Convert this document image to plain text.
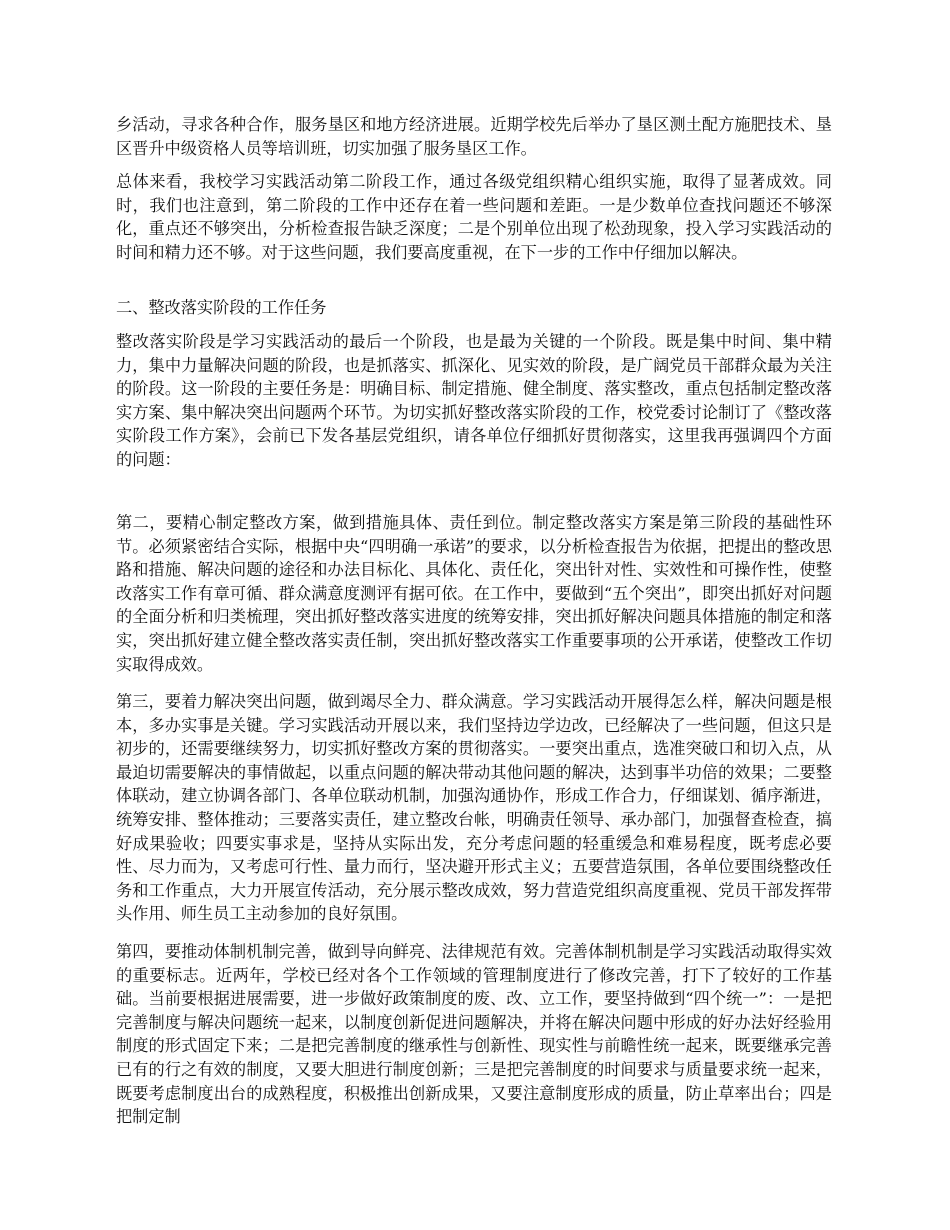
乡活动，寻求各种合作，服务垦区和地方经济进展。近期学校先后举办了垦区测土配方施肥技术、垦区晋升中级资格人员等培训班，切实加强了服务垦区工作。

总体来看，我校学习实践活动第二阶段工作，通过各级党组织精心组织实施，取得了显著成效。同时，我们也注意到，第二阶段的工作中还存在着一些问题和差距。一是少数单位查找问题还不够深化，重点还不够突出，分析检查报告缺乏深度；二是个别单位出现了松劲现象，投入学习实践活动的时间和精力还不够。对于这些问题，我们要高度重视，在下一步的工作中仔细加以解决。

二、整改落实阶段的工作任务

整改落实阶段是学习实践活动的最后一个阶段，也是最为关键的一个阶段。既是集中时间、集中精力，集中力量解决问题的阶段，也是抓落实、抓深化、见实效的阶段，是广阔党员干部群众最为关注的阶段。这一阶段的主要任务是：明确目标、制定措施、健全制度、落实整改，重点包括制定整改落实方案、集中解决突出问题两个环节。为切实抓好整改落实阶段的工作，校党委讨论制订了《整改落实阶段工作方案》，会前已下发各基层党组织，请各单位仔细抓好贯彻落实，这里我再强调四个方面的问题：

第二，要精心制定整改方案，做到措施具体、责任到位。制定整改落实方案是第三阶段的基础性环节。必须紧密结合实际，根据中央“四明确一承诺”的要求，以分析检查报告为依据，把提出的整改思路和措施、解决问题的途径和办法目标化、具体化、责任化，突出针对性、实效性和可操作性，使整改落实工作有章可循、群众满意度测评有据可依。在工作中，要做到“五个突出”，即突出抓好对问题的全面分析和归类梳理，突出抓好整改落实进度的统筹安排，突出抓好解决问题具体措施的制定和落实，突出抓好建立健全整改落实责任制，突出抓好整改落实工作重要事项的公开承诺，使整改工作切实取得成效。

第三，要着力解决突出问题，做到竭尽全力、群众满意。学习实践活动开展得怎么样，解决问题是根本，多办实事是关键。学习实践活动开展以来，我们坚持边学边改，已经解决了一些问题，但这只是初步的，还需要继续努力，切实抓好整改方案的贯彻落实。一要突出重点，选准突破口和切入点，从最迫切需要解决的事情做起，以重点问题的解决带动其他问题的解决，达到事半功倍的效果；二要整体联动，建立协调各部门、各单位联动机制，加强沟通协作，形成工作合力，仔细谋划、循序渐进，统筹安排、整体推动；三要落实责任，建立整改台帐，明确责任领导、承办部门，加强督查检查，搞好成果验收；四要实事求是，坚持从实际出发，充分考虑问题的轻重缓急和难易程度，既考虑必要性、尽力而为，又考虑可行性、量力而行，坚决避开形式主义；五要营造氛围，各单位要围绕整改任务和工作重点，大力开展宣传活动，充分展示整改成效，努力营造党组织高度重视、党员干部发挥带头作用、师生员工主动参加的良好氛围。

第四，要推动体制机制完善，做到导向鲜亮、法律规范有效。完善体制机制是学习实践活动取得实效的重要标志。近两年，学校已经对各个工作领域的管理制度进行了修改完善，打下了较好的工作基础。当前要根据进展需要，进一步做好政策制度的废、改、立工作，要坚持做到“四个统一”：一是把完善制度与解决问题统一起来，以制度创新促进问题解决，并将在解决问题中形成的好办法好经验用制度的形式固定下来；二是把完善制度的继承性与创新性、现实性与前瞻性统一起来，既要继承完善已有的行之有效的制度，又要大胆进行制度创新；三是把完善制度的时间要求与质量要求统一起来，既要考虑制度出台的成熟程度，积极推出创新成果，又要注意制度形成的质量，防止草率出台；四是把制定制
